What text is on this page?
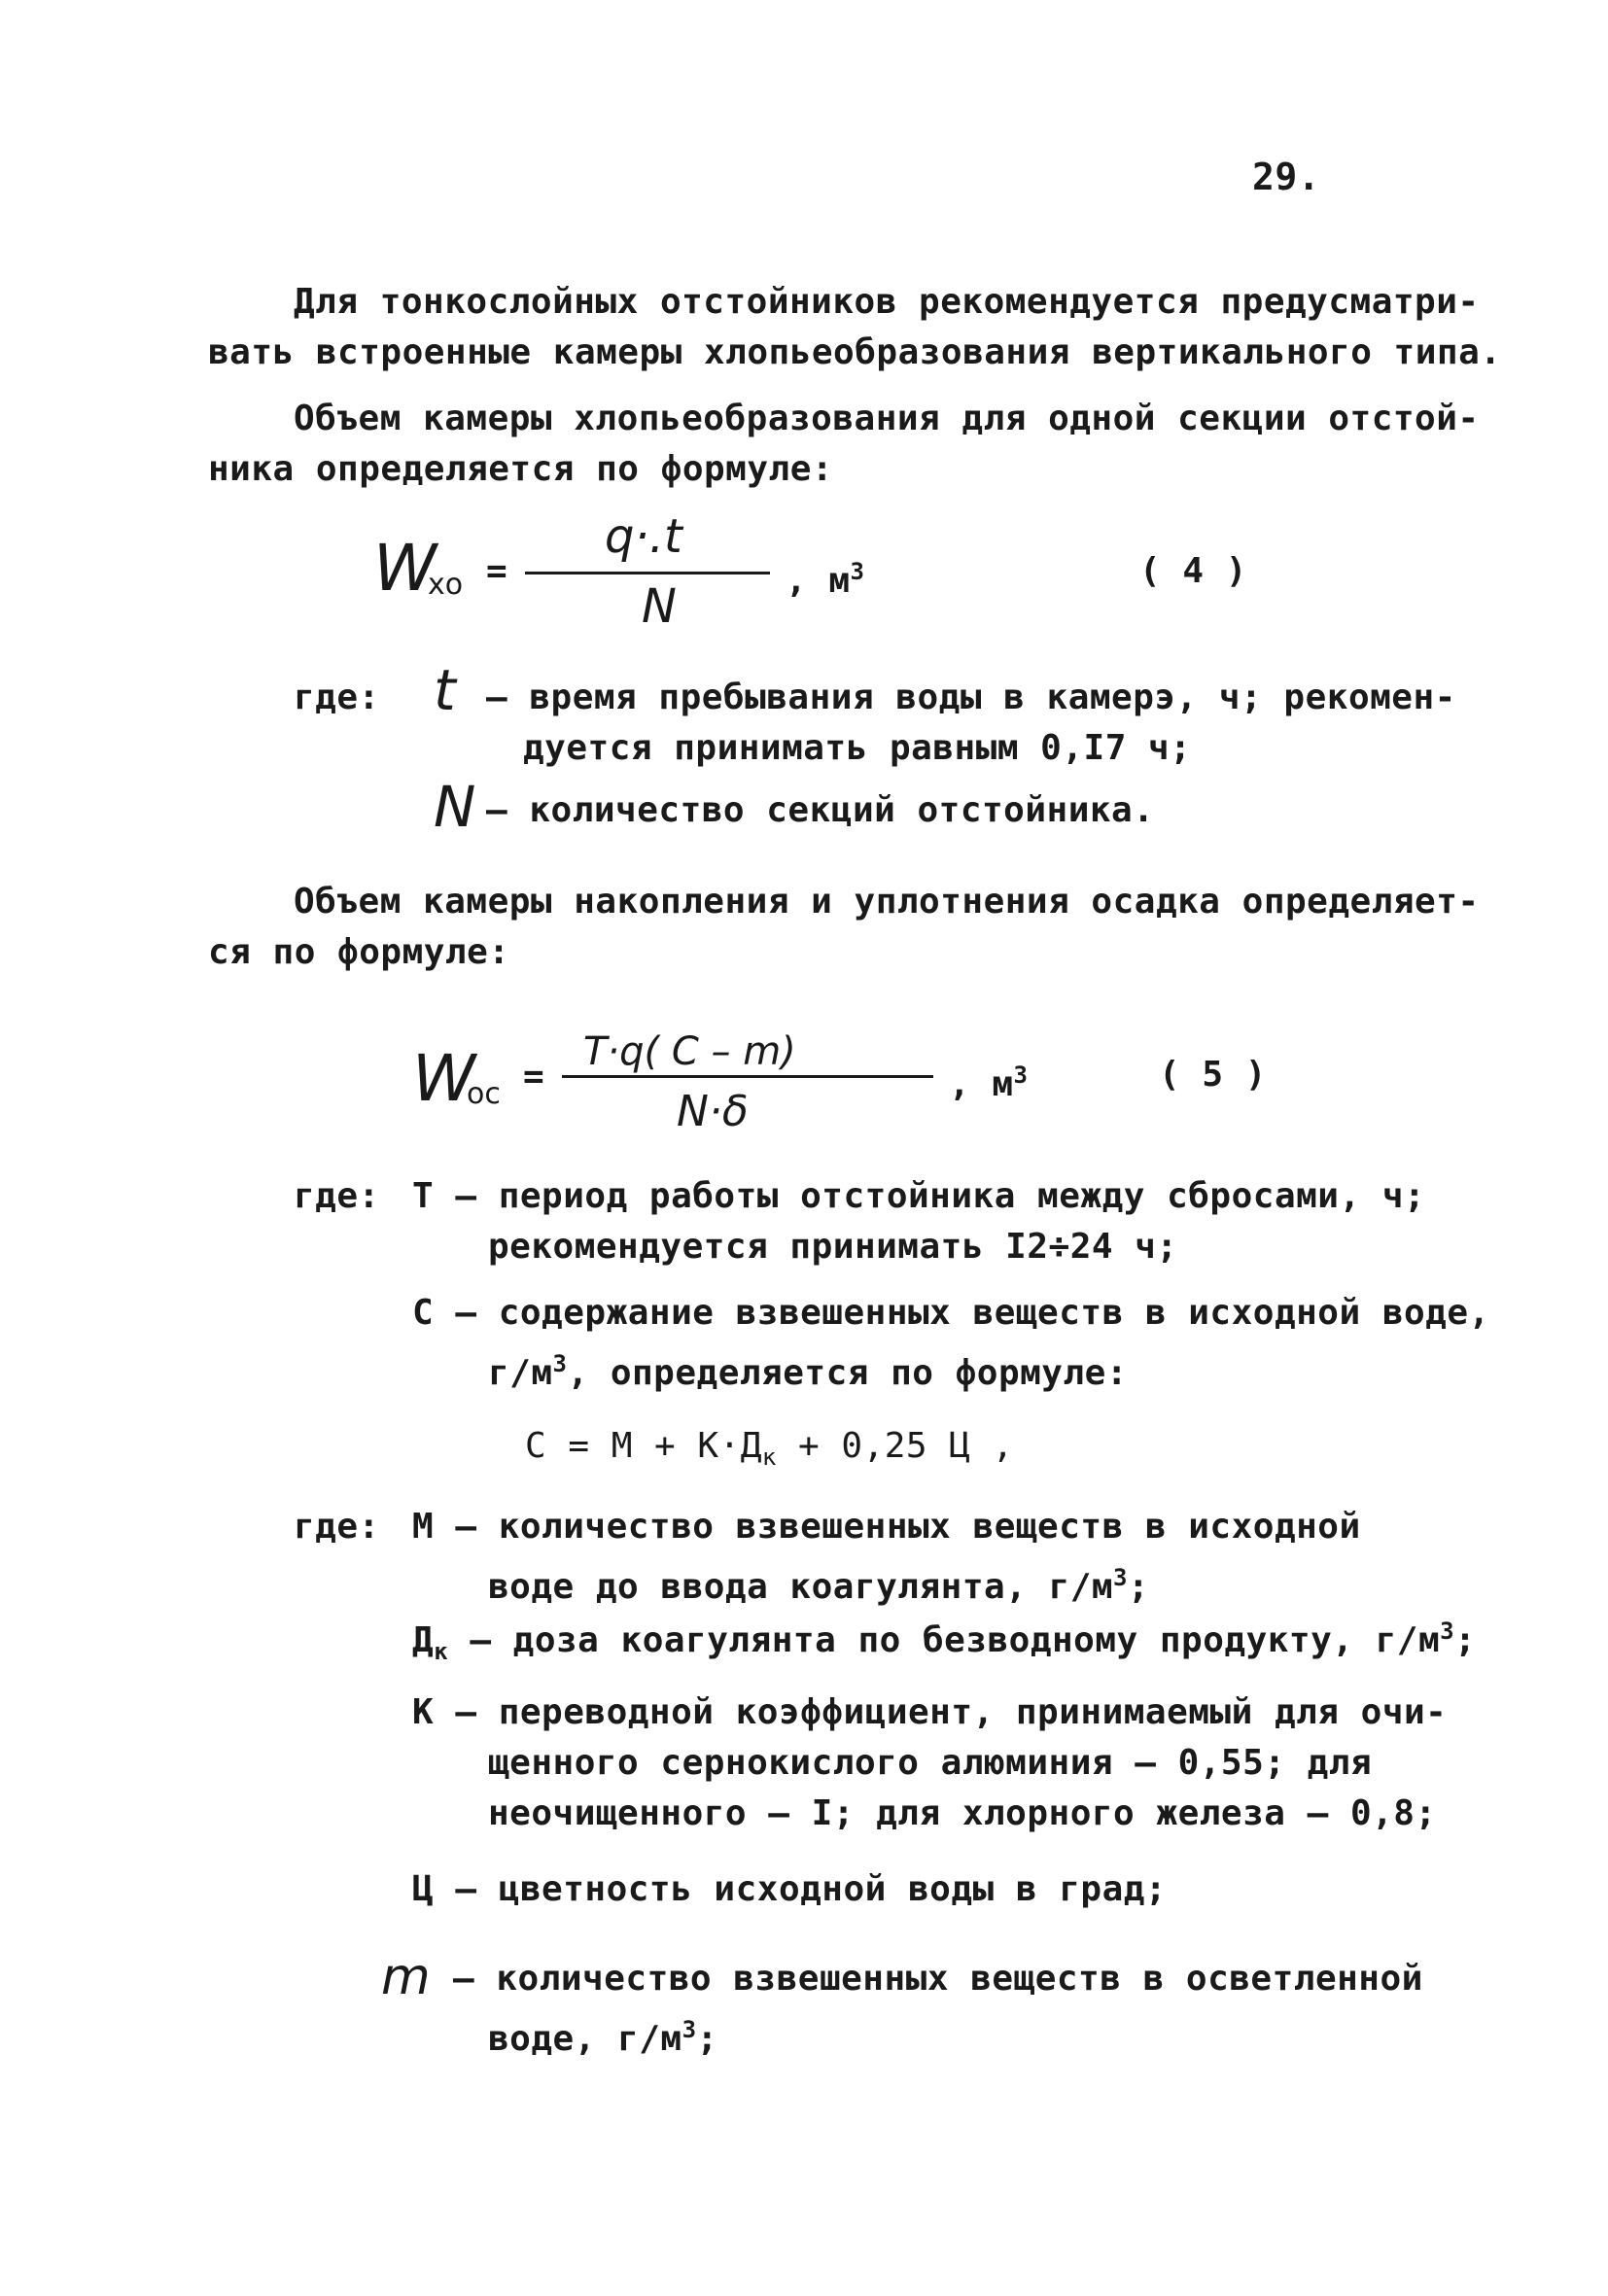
29.
Для тонкослойных отстойников рекомендуется предусматри-
вать встроенные камеры хлопьеобразования вертикального типа.
Объем камеры хлопьеобразования для одной секции отстой-
ника определяется по формуле:
W
хо =
q·.t
N	, $м^3$	( 4 )
где: t – время пребывания воды в камерэ, ч; рекомен-
дуется принимать равным 0,I7 ч;
N – количество секций отстойника.
Объем камеры накопления и уплотнения осадка определяет-
ся по формуле:
W
ос =
T·q( C – m)
N·δ
, $м^3$	( 5 )
где: Т – период работы отстойника между сбросами, ч;
рекомендуется принимать I2÷24 ч;
С – содержание взвешенных веществ в исходной воде,
$г/м^3$, определяется по формуле:
$С = М + К\cdot Д_к + 0,25$ Ц ,
где: М – количество взвешенных веществ в исходной
воде до ввода коагулянта, $г/м^3$;
$Д_к$ – доза коагулянта по безводному продукту, $г/м^3$;
К – переводной коэффициент, принимаемый для очи-
щенного сернокислого алюминия – 0,55; для
неочищенного – I; для хлорного железа – 0,8;
Ц – цветность исходной воды в град;
m – количество взвешенных веществ в осветленной
воде, $г/м^3$;
